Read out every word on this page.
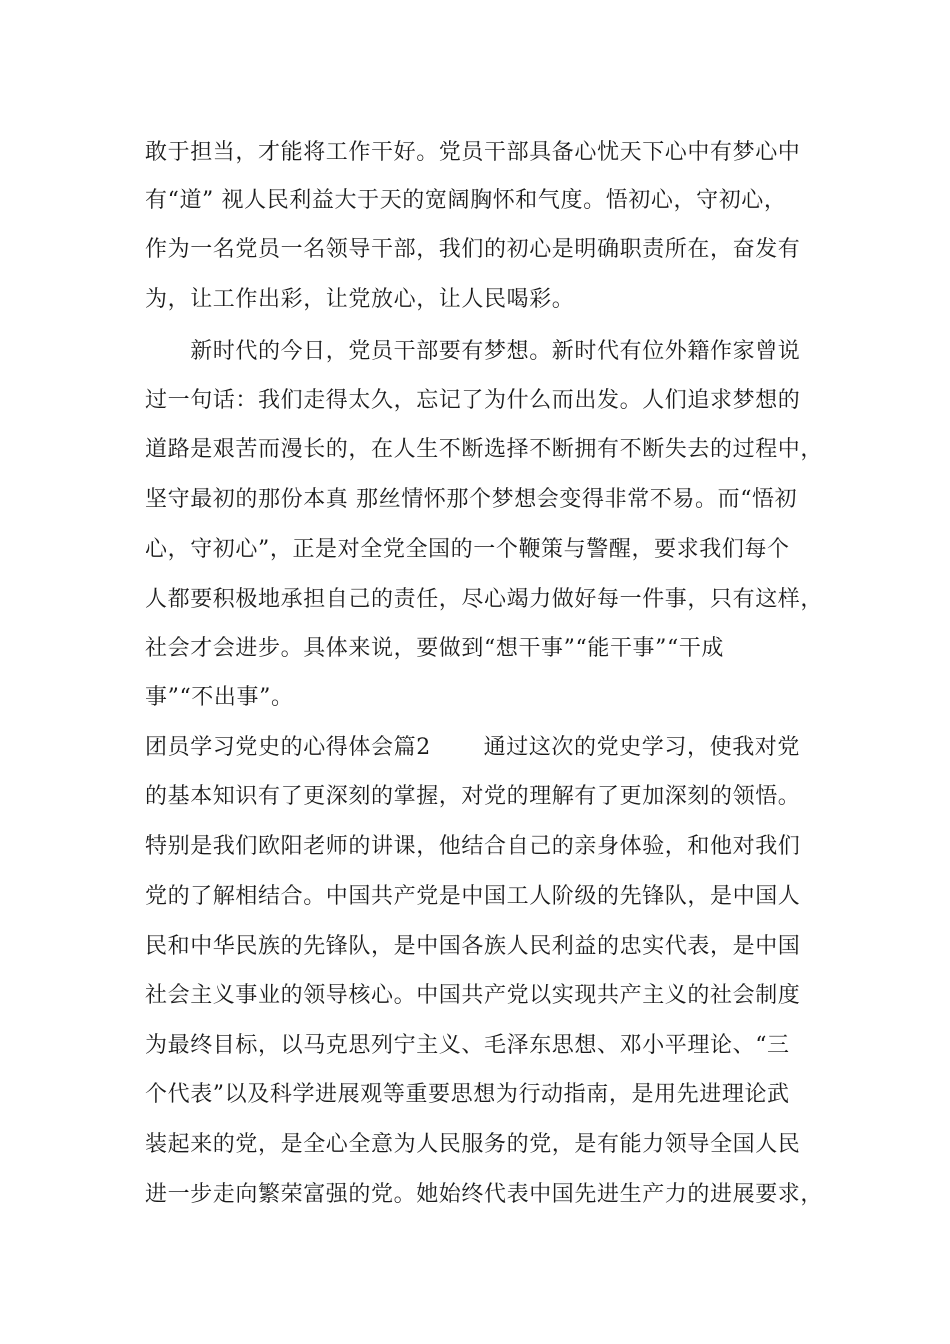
敢于担当，才能将工作干好。党员干部具备心忧天下心中有梦心中
有“道” 视人民利益大于天的宽阔胸怀和气度。悟初心，守初心，
作为一名党员一名领导干部，我们的初心是明确职责所在，奋发有
为，让工作出彩，让党放心，让人民喝彩。
　　新时代的今日，党员干部要有梦想。新时代有位外籍作家曾说
过一句话：我们走得太久，忘记了为什么而出发。人们追求梦想的
道路是艰苦而漫长的，在人生不断选择不断拥有不断失去的过程中，
坚守最初的那份本真 那丝情怀那个梦想会变得非常不易。而“悟初
心，守初心”，正是对全党全国的一个鞭策与警醒，要求我们每个
人都要积极地承担自己的责任，尽心竭力做好每一件事，只有这样，
社会才会进步。具体来说，要做到“想干事”“能干事”“干成
事”“不出事”。
团员学习党史的心得体会篇2　　 通过这次的党史学习，使我对党
的基本知识有了更深刻的掌握，对党的理解有了更加深刻的领悟。
特别是我们欧阳老师的讲课，他结合自己的亲身体验，和他对我们
党的了解相结合。中国共产党是中国工人阶级的先锋队，是中国人
民和中华民族的先锋队，是中国各族人民利益的忠实代表，是中国
社会主义事业的领导核心。中国共产党以实现共产主义的社会制度
为最终目标，以马克思列宁主义、毛泽东思想、邓小平理论、“三
个代表”以及科学进展观等重要思想为行动指南，是用先进理论武
装起来的党，是全心全意为人民服务的党，是有能力领导全国人民
进一步走向繁荣富强的党。她始终代表中国先进生产力的进展要求，
